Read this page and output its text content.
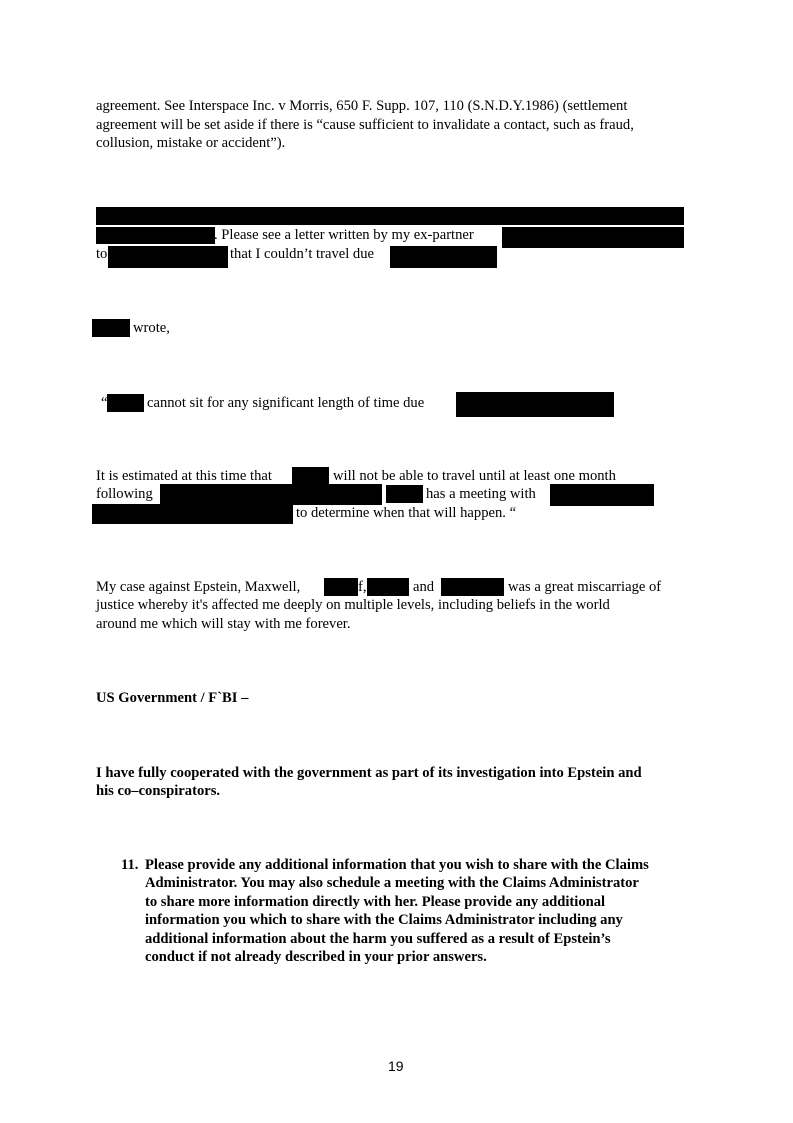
agreement. See Interspace Inc. v Morris, 650 F. Supp. 107, 110 (S.N.D.Y.1986) (settlement
agreement will be set aside if there is “cause sufficient to invalidate a contact, such as fraud,
collusion, mistake or accident”).
. Please see a letter written by my ex-partner
to	that I couldn’t travel due
wrote,
“	cannot sit for any significant length of time due
It is estimated at this time that	will not be able to travel until at least one month
following	has a meeting with
to determine when that will happen. “
My case against Epstein, Maxwell,	f,	and	was a great miscarriage of
justice whereby it's affected me deeply on multiple levels, including beliefs in the world
around me which will stay with me forever.
US Government / F`BI –
I have fully cooperated with the government as part of its investigation into Epstein and
his co–conspirators.
11. Please provide any additional information that you wish to share with the Claims
Administrator. You may also schedule a meeting with the Claims Administrator
to share more information directly with her. Please provide any additional
information you which to share with the Claims Administrator including any
additional information about the harm you suffered as a result of Epstein’s
conduct if not already described in your prior answers.
19
